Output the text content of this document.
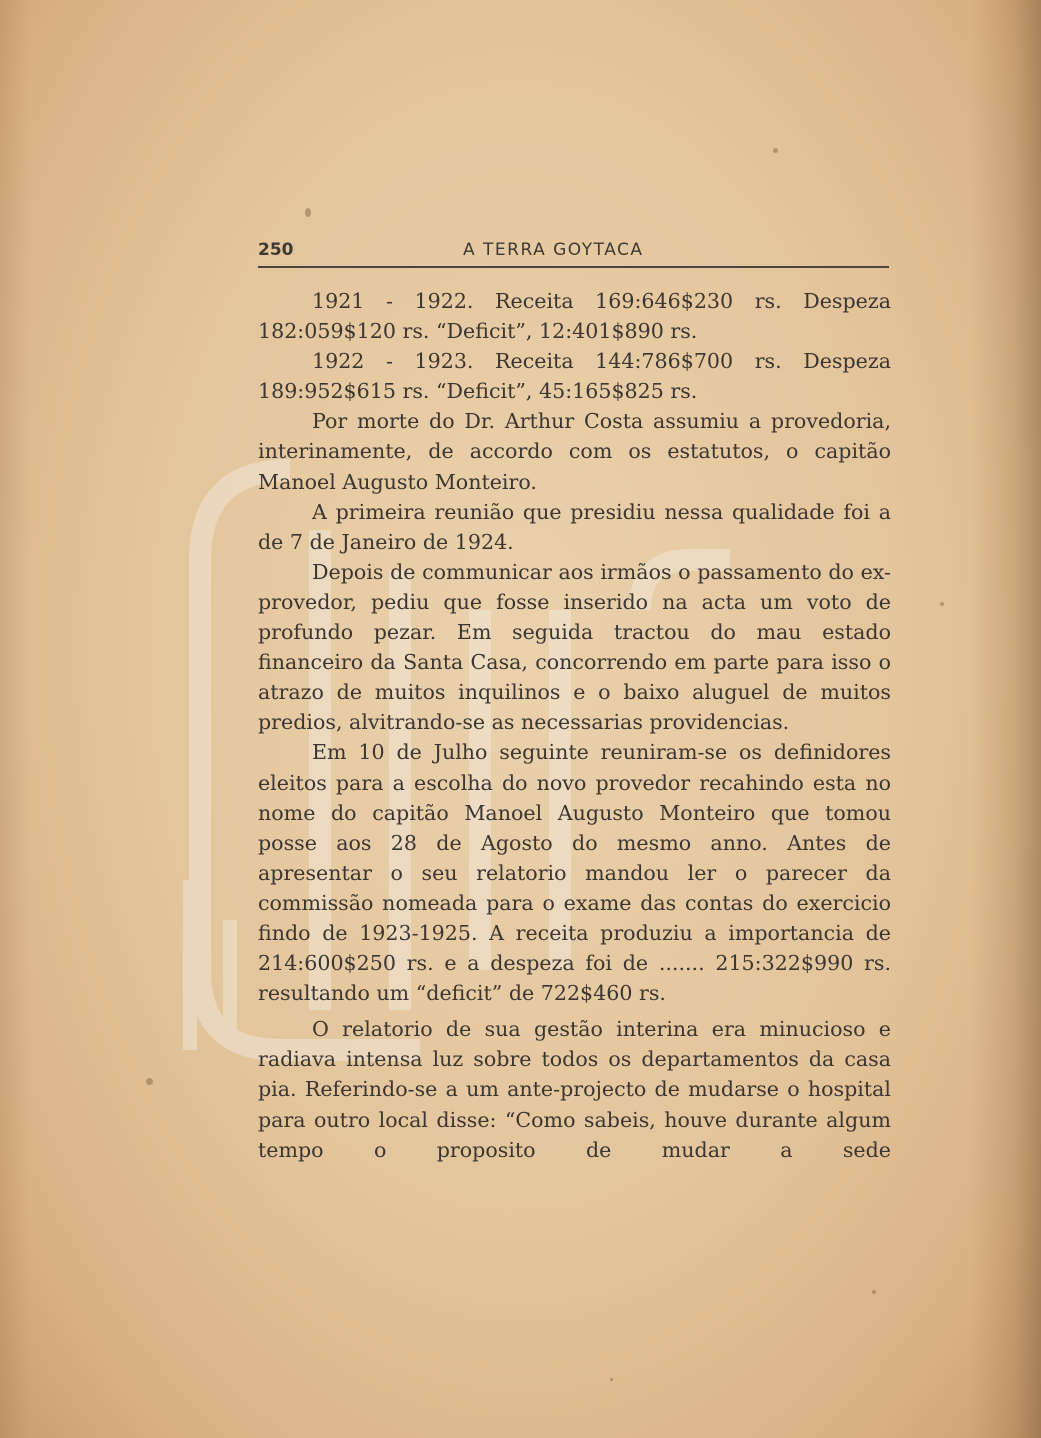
250	A TERRA GOYTACA

1921 - 1922. Receita 169:646$230 rs. Despeza 182:059$120 rs. “Deficit”, 12:401$890 rs.

1922 - 1923. Receita 144:786$700 rs. Despeza 189:952$615 rs. “Deficit”, 45:165$825 rs.

Por morte do Dr. Arthur Costa assumiu a provedoria, interinamente, de accordo com os estatutos, o capitão Manoel Augusto Monteiro.

A primeira reunião que presidiu nessa qualidade foi a de 7 de Janeiro de 1924.

Depois de communicar aos irmãos o passamento do ex-provedor, pediu que fosse inserido na acta um voto de profundo pezar. Em seguida tractou do mau estado financeiro da Santa Casa, concorrendo em parte para isso o atrazo de muitos inquilinos e o baixo aluguel de muitos predios, alvitrando-se as necessarias providencias.

Em 10 de Julho seguinte reuniram-se os definidores eleitos para a escolha do novo provedor recahindo esta no nome do capitão Manoel Augusto Monteiro que tomou posse aos 28 de Agosto do mesmo anno. Antes de apresentar o seu relatorio mandou ler o parecer da commissão nomeada para o exame das contas do exercicio findo de 1923-1925. A receita produziu a importancia de 214:600$250 rs. e a despeza foi de ....... 215:322$990 rs. resultando um “deficit” de 722$460 rs.

O relatorio de sua gestão interina era minucioso e radiava intensa luz sobre todos os departamentos da casa pia. Referindo-se a um ante-projecto de mudarse o hospital para outro local disse: “Como sabeis, houve durante algum tempo o proposito de mudar a sede
